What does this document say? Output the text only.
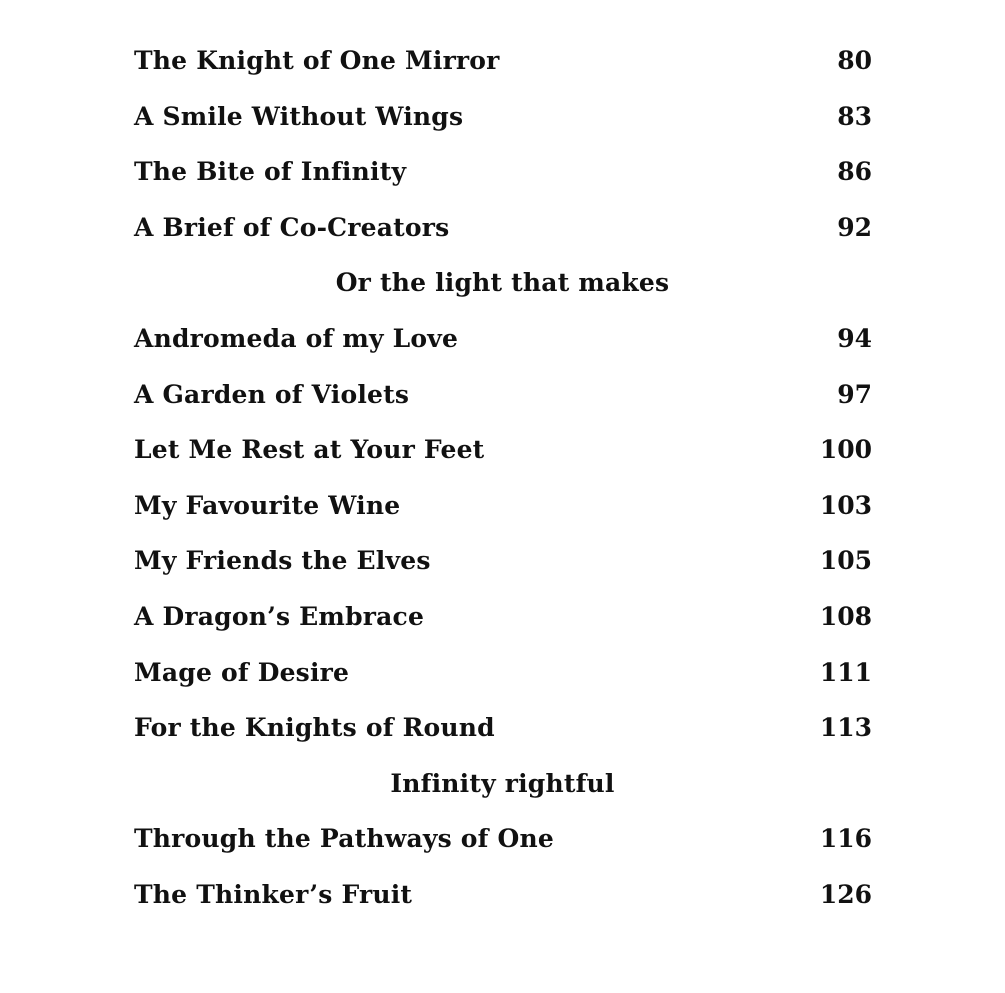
The Knight of One Mirror	80
A Smile Without Wings	83
The Bite of Infinity	86
A Brief of Co-Creators	92
Or the light that makes
Andromeda of my Love	94
A Garden of Violets	97
Let Me Rest at Your Feet	100
My Favourite Wine	103
My Friends the Elves	105
A Dragon’s Embrace	108
Mage of Desire	111
For the Knights of Round	113
Infinity rightful
Through the Pathways of One	116
The Thinker’s Fruit	126
